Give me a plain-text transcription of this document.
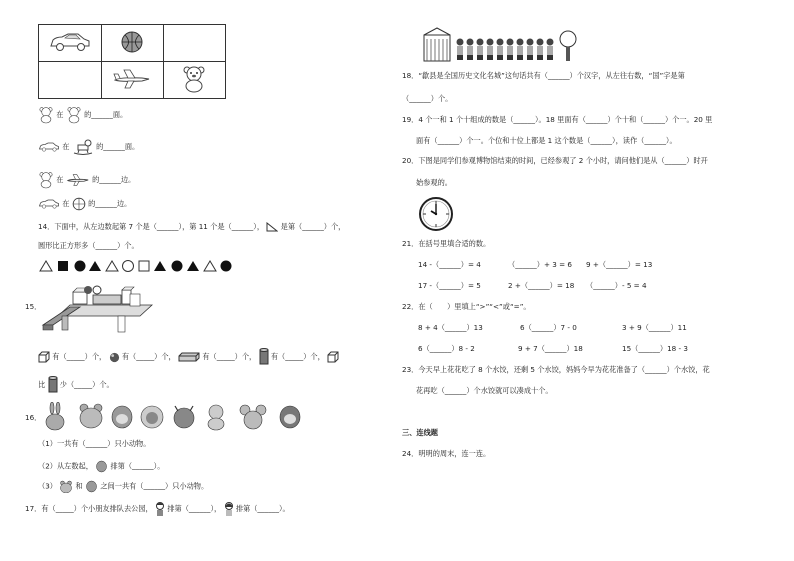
在	的______面。
在	的______面。
在	的______边。
在	的______边。
14．下面中，从左边数起第 7 个是（______），第 11 个是（______）， 是第（______）个，
圆形比正方形多（______）个。
15．
有（_____）个， 有（_____）个，	有（_____）个， 有（_____）个，
比 少（_____）个。
16．
（1）一共有（______）只小动物。
（2）从左数起， 排第（______）。
（3）	和 之间一共有（______）只小动物。
17．有（_____）个小朋友排队去公园， 排第（______）， 排第（______）。
18．“歙县是全国历史文化名城”这句话共有（______）个汉字，从左往右数，“国”字是第
（______）个。
19．4 个一和 1 个十组成的数是（______）。18 里面有（______）个十和（______）个一。20 里
面有（______）个一。个位和十位上都是 1 这个数是（______），读作（______）。
20．下图是同学们参观博物馆结束的时间，已经参观了 2 个小时，请问他们是从（______）时开
始参观的。
21．在括号里填合适的数。
14 -（______）= 4	（______）+ 3 = 6 9 +（______）= 13
17 -（______）= 5	2 +（______）= 18 （______）- 5 = 4
22．在（　　）里填上“>”“<”或“=”。
8 + 4（______）13	6（______）7 - 0	3 + 9（______）11
6（______）8 - 2	9 + 7（______）18	15（______）18 - 3
23．今天早上花花吃了 8 个水饺，还剩 5 个水饺，妈妈今早为花花准备了（______）个水饺，花
花再吃（______）个水饺就可以凑成十个。
三、连线题
24．明明的周末，连一连。
